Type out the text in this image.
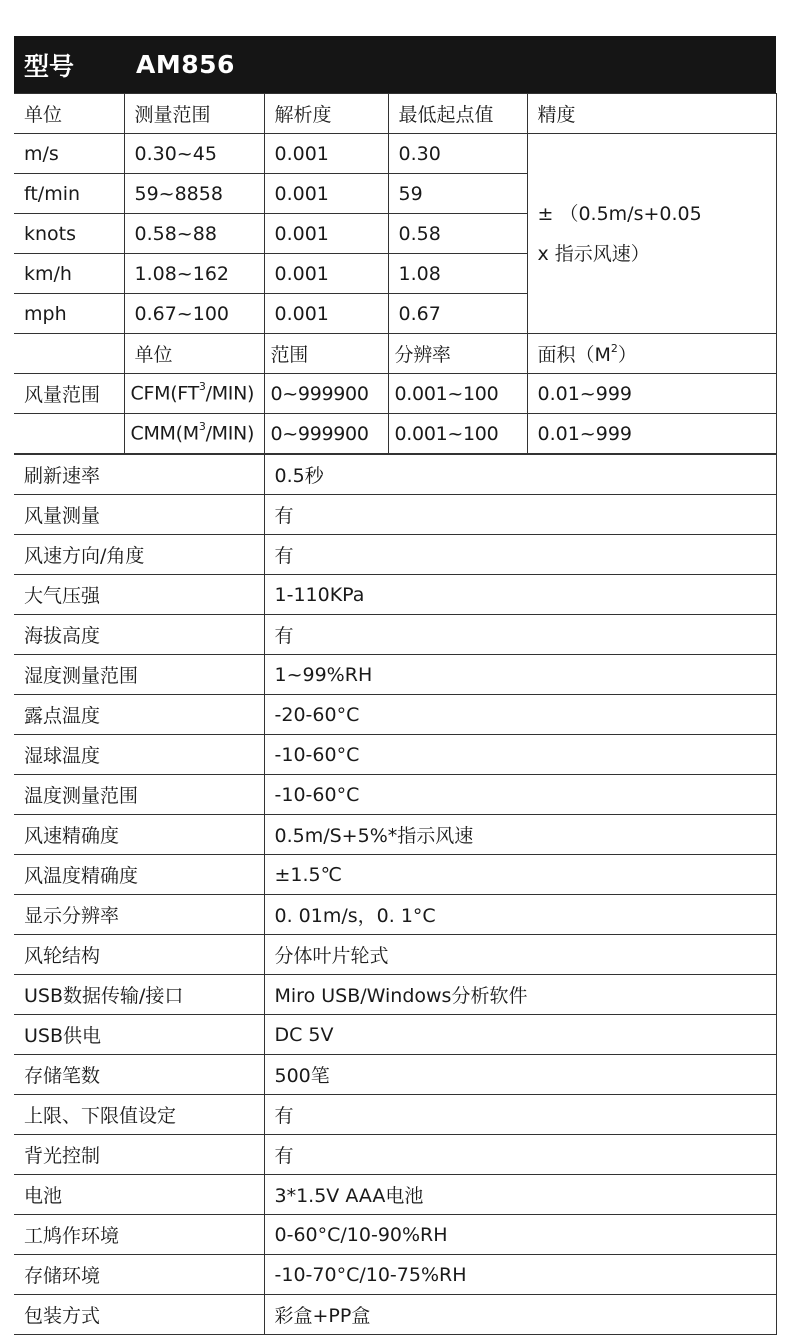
型号	AM856
单位	测量范围	解析度	最低起点值	精度
m/s	0.30~45	0.001	0.30	± （0.5m/s+0.05
x 指示风速）

ft/min	59~8858	0.001	59	
knots	0.58~88	0.001	0.58	
km/h	1.08~162	0.001	1.08	
mph	0.67~100	0.001	0.67	
	单位	范围	分辨率	面积$(M^2)$
风量范围	$CFM(FT^3/MIN)$	0~999900	0.001~100	0.01~999
	$CMM(M^3/MIN)$	0~999900	0.001~100	0.01~999
刷新速率	0.5秒
风量测量	有
风速方向/角度	有
大气压强	1-110KPa
海拔高度	有
湿度测量范围	1~99%RH
露点温度	-20-60°C
湿球温度	-10-60°C
温度测量范围	-10-60°C
风速精确度	0.5m/S+5%*指示风速
风温度精确度	±1.5℃
显示分辨率	0. 01m/s，0. 1°C
风轮结构	分体叶片轮式
USB数据传输/接口	Miro USB/Windows分析软件
USB供电	DC 5V
存储笔数	500笔
上限、下限值设定	有
背光控制	有
电池	3*1.5V AAA电池
工鸠作环境	0-60°C/10-90%RH
存储环境	-10-70°C/10-75%RH
包装方式	彩盒+PP盒
